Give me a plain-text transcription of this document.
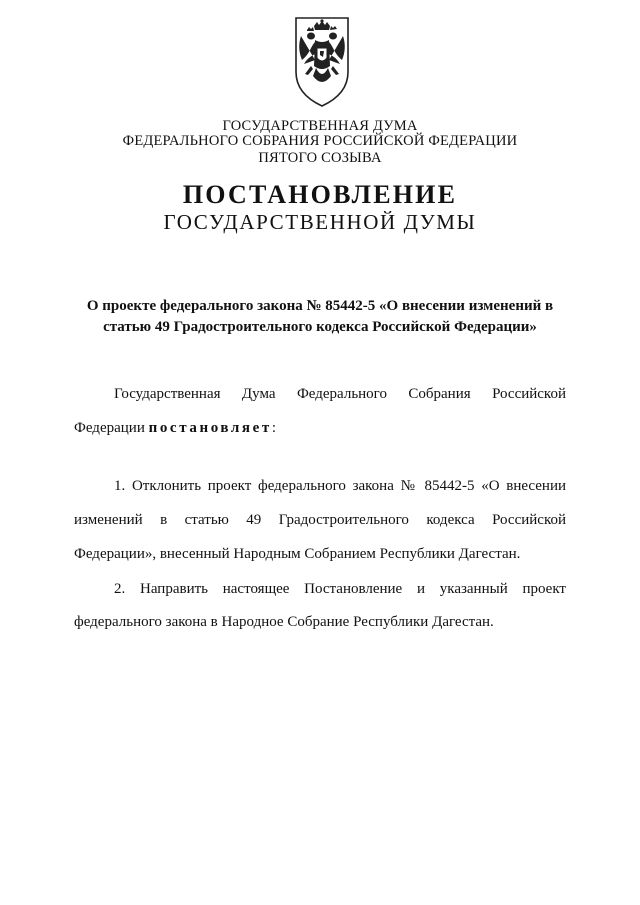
ГОСУДАРСТВЕННАЯ ДУМА
ФЕДЕРАЛЬНОГО СОБРАНИЯ РОССИЙСКОЙ ФЕДЕРАЦИИ
ПЯТОГО СОЗЫВА
ПОСТАНОВЛЕНИЕ
ГОСУДАРСТВЕННОЙ ДУМЫ
О проекте федерального закона № 85442-5 «О внесении изменений в
статью 49 Градостроительного кодекса Российской Федерации»
Государственная Дума Федерального Собрания Российской
Федерации постановляет:
1. Отклонить проект федерального закона № 85442-5 «О внесении
изменений в статью 49 Градостроительного кодекса Российской
Федерации», внесенный Народным Собранием Республики Дагестан.
2. Направить настоящее Постановление и указанный проект
федерального закона в Народное Собрание Республики Дагестан.
